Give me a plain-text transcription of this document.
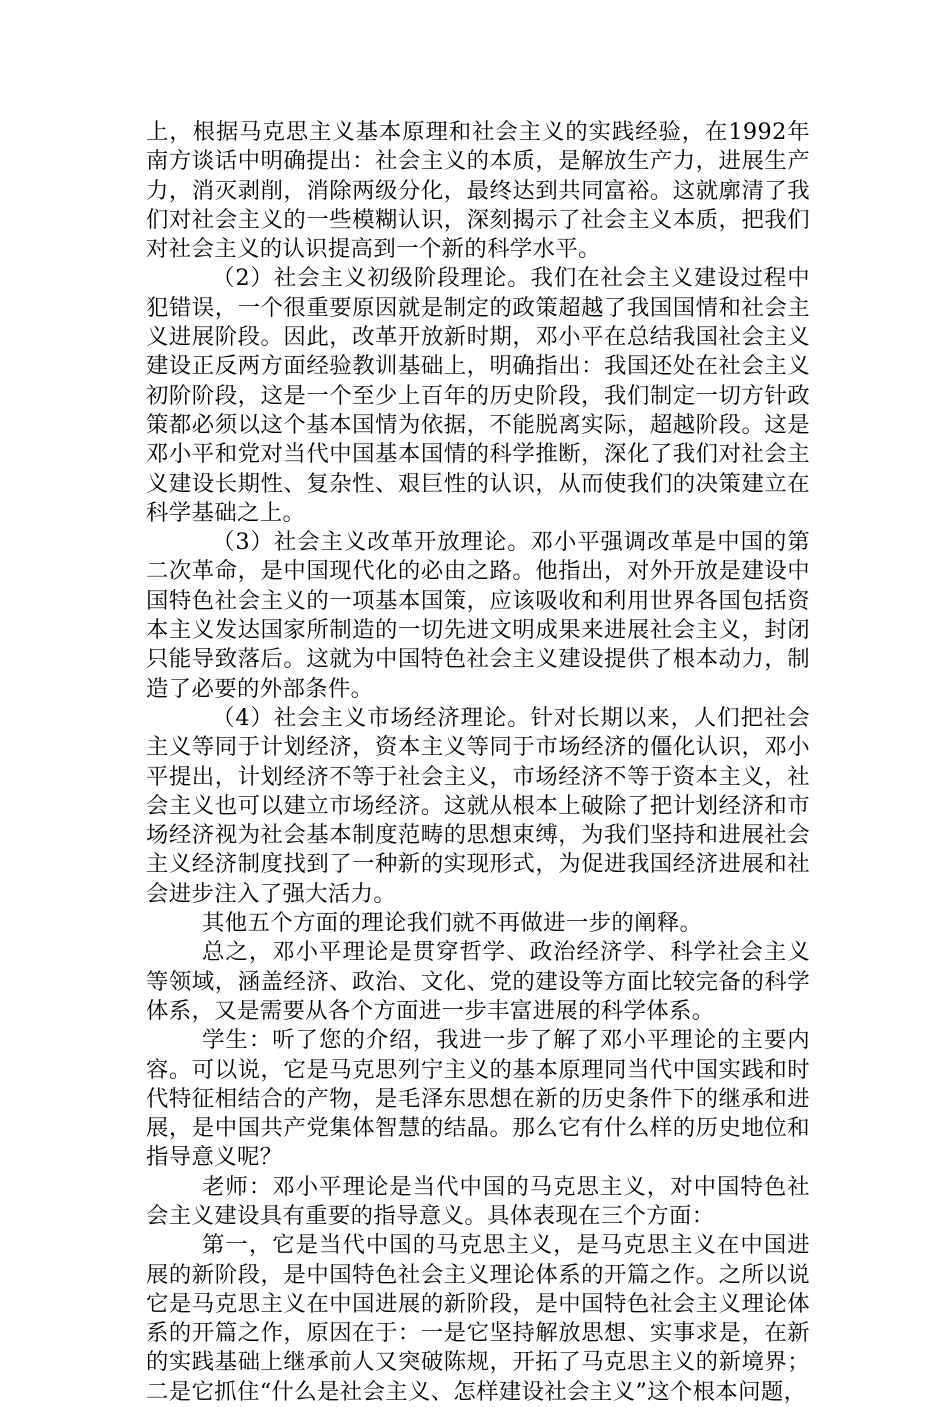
上，根据马克思主义基本原理和社会主义的实践经验，在1992年南方谈话中明确提出：社会主义的本质，是解放生产力，进展生产力，消灭剥削，消除两级分化，最终达到共同富裕。这就廓清了我们对社会主义的一些模糊认识，深刻揭示了社会主义本质，把我们对社会主义的认识提高到一个新的科学水平。

（2）社会主义初级阶段理论。我们在社会主义建设过程中犯错误，一个很重要原因就是制定的政策超越了我国国情和社会主义进展阶段。因此，改革开放新时期，邓小平在总结我国社会主义建设正反两方面经验教训基础上，明确指出：我国还处在社会主义初阶阶段，这是一个至少上百年的历史阶段，我们制定一切方针政策都必须以这个基本国情为依据，不能脱离实际，超越阶段。这是邓小平和党对当代中国基本国情的科学推断，深化了我们对社会主义建设长期性、复杂性、艰巨性的认识，从而使我们的决策建立在科学基础之上。

（3）社会主义改革开放理论。邓小平强调改革是中国的第二次革命，是中国现代化的必由之路。他指出，对外开放是建设中国特色社会主义的一项基本国策，应该吸收和利用世界各国包括资本主义发达国家所制造的一切先进文明成果来进展社会主义，封闭只能导致落后。这就为中国特色社会主义建设提供了根本动力，制造了必要的外部条件。

（4）社会主义市场经济理论。针对长期以来，人们把社会主义等同于计划经济，资本主义等同于市场经济的僵化认识，邓小平提出，计划经济不等于社会主义，市场经济不等于资本主义，社会主义也可以建立市场经济。这就从根本上破除了把计划经济和市场经济视为社会基本制度范畴的思想束缚，为我们坚持和进展社会主义经济制度找到了一种新的实现形式，为促进我国经济进展和社会进步注入了强大活力。

其他五个方面的理论我们就不再做进一步的阐释。

总之，邓小平理论是贯穿哲学、政治经济学、科学社会主义等领域，涵盖经济、政治、文化、党的建设等方面比较完备的科学体系，又是需要从各个方面进一步丰富进展的科学体系。

学生：听了您的介绍，我进一步了解了邓小平理论的主要内容。可以说，它是马克思列宁主义的基本原理同当代中国实践和时代特征相结合的产物，是毛泽东思想在新的历史条件下的继承和进展，是中国共产党集体智慧的结晶。那么它有什么样的历史地位和指导意义呢？

老师：邓小平理论是当代中国的马克思主义，对中国特色社会主义建设具有重要的指导意义。具体表现在三个方面：

第一，它是当代中国的马克思主义，是马克思主义在中国进展的新阶段，是中国特色社会主义理论体系的开篇之作。之所以说它是马克思主义在中国进展的新阶段，是中国特色社会主义理论体系的开篇之作，原因在于：一是它坚持解放思想、实事求是，在新的实践基础上继承前人又突破陈规，开拓了马克思主义的新境界；二是它抓住“什么是社会主义、怎样建设社会主义”这个根本问题，
